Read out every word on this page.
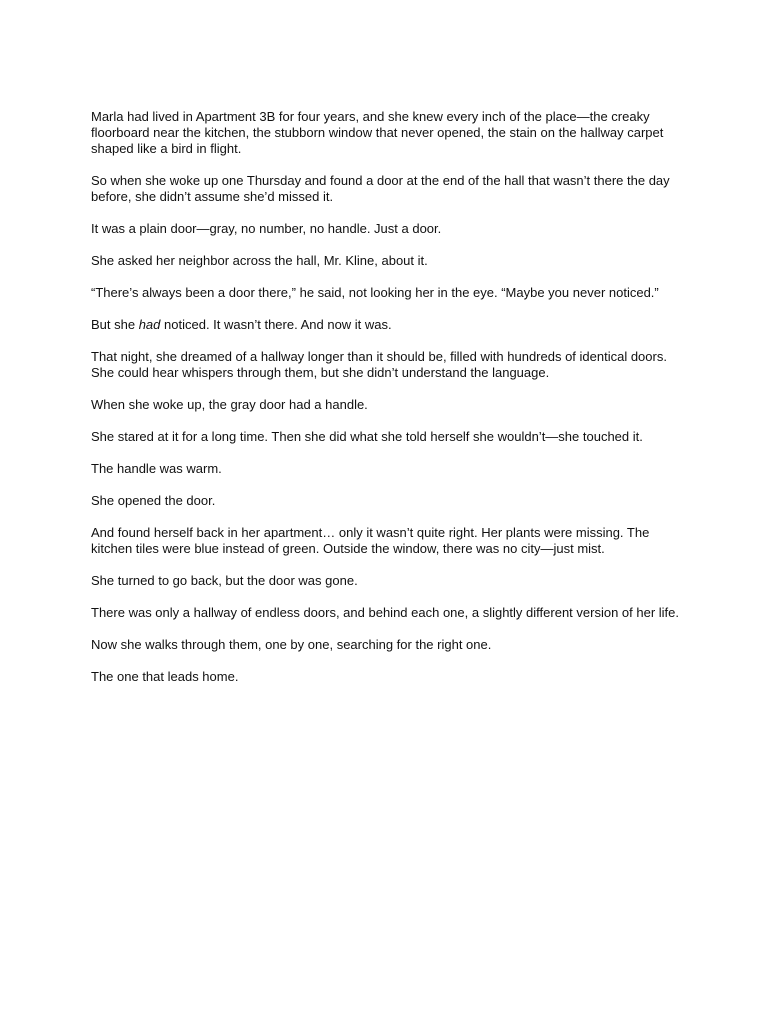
Marla had lived in Apartment 3B for four years, and she knew every inch of the place—the creaky floorboard near the kitchen, the stubborn window that never opened, the stain on the hallway carpet shaped like a bird in flight.

So when she woke up one Thursday and found a door at the end of the hall that wasn’t there the day before, she didn’t assume she’d missed it.

It was a plain door—gray, no number, no handle. Just a door.

She asked her neighbor across the hall, Mr. Kline, about it.

“There’s always been a door there,” he said, not looking her in the eye. “Maybe you never noticed.”

But she had noticed. It wasn’t there. And now it was.

That night, she dreamed of a hallway longer than it should be, filled with hundreds of identical doors. She could hear whispers through them, but she didn’t understand the language.

When she woke up, the gray door had a handle.

She stared at it for a long time. Then she did what she told herself she wouldn’t—she touched it.

The handle was warm.

She opened the door.

And found herself back in her apartment… only it wasn’t quite right. Her plants were missing. The kitchen tiles were blue instead of green. Outside the window, there was no city—just mist.

She turned to go back, but the door was gone.

There was only a hallway of endless doors, and behind each one, a slightly different version of her life.

Now she walks through them, one by one, searching for the right one.

The one that leads home.
